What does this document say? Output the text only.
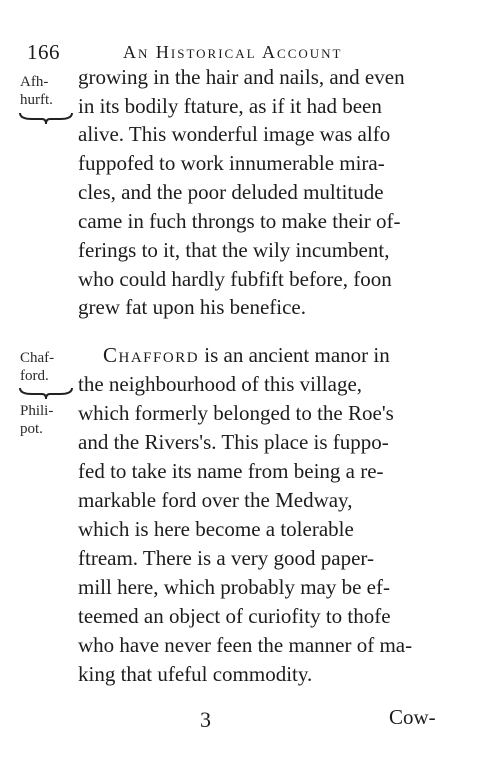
166	An Historical Account
Afh-
hurft.
Chaf-
ford.
Phili-
pot.
growing in the hair and nails, and even
in its bodily ftature, as if it had been
alive. This wonderful image was alfo
fuppofed to work innumerable mira-
cles, and the poor deluded multitude
came in fuch throngs to make their of-
ferings to it, that the wily incumbent,
who could hardly fubfift before, foon
grew fat upon his benefice.
Chafford is an ancient manor in
the neighbourhood of this village,
which formerly belonged to the Roe's
and the Rivers's. This place is fuppo-
fed to take its name from being a re-
markable ford over the Medway,
which is here become a tolerable
ftream. There is a very good paper-
mill here, which probably may be ef-
teemed an object of curiofity to thofe
who have never feen the manner of ma-
king that ufeful commodity.
3	Cow-
